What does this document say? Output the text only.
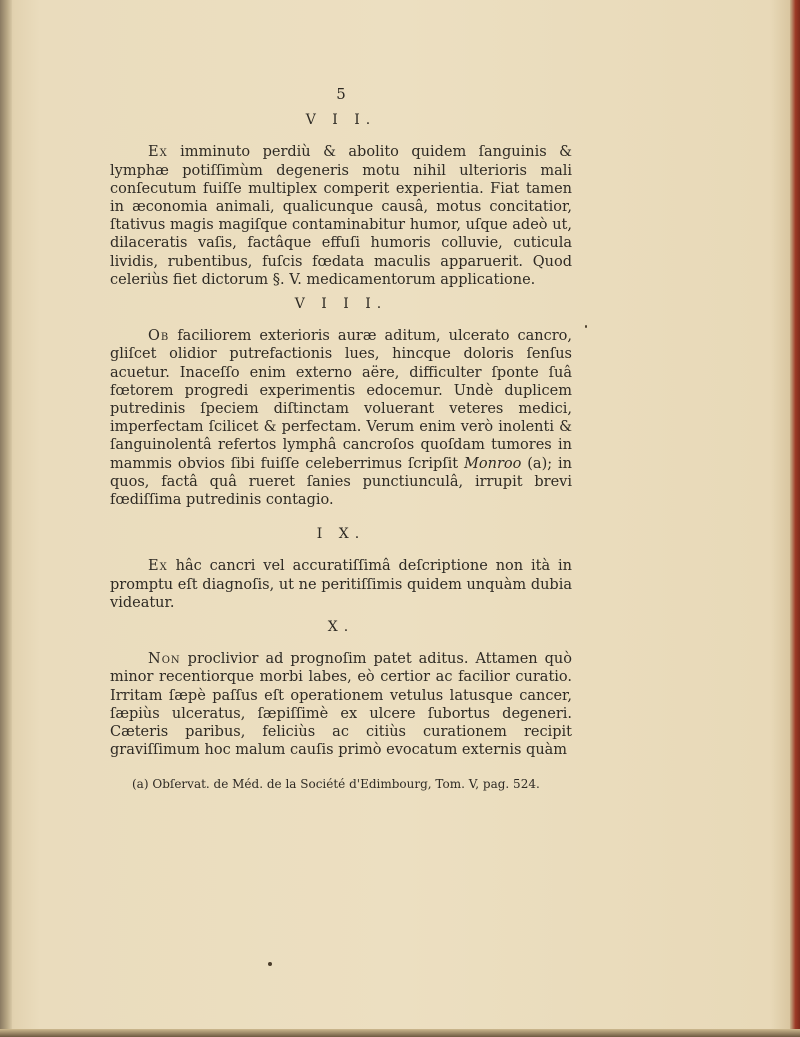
5
V I I.

Ex imminuto perdiù & abolito quidem ſanguinis & lymphæ potiſſimùm degeneris motu nihil ulterioris mali conſecutum fuiſſe multiplex comperit experientia. Fiat tamen in æconomia animali, qualicunque causâ, motus concitatior, ſtativus magis magiſque contaminabitur humor, uſque adeò ut, dilaceratis vaſis, factâque effuſi humoris colluvie, cuticula lividis, rubentibus, fuſcis fœdata maculis apparuerit. Quod celeriùs fiet dictorum §. V. medicamentorum applicatione.

V I I I.

Ob faciliorem exterioris auræ aditum, ulcerato cancro, gliſcet olidior putrefactionis lues, hincque doloris ſenſus acuetur. Inaceſſo enim externo aëre, difficulter ſponte ſuâ fœtorem progredi experimentis edocemur. Undè duplicem putredinis ſpeciem diſtinctam voluerant veteres medici, imperfectam ſcilicet & perfectam. Verum enim verò inolenti & ſanguinolentâ refertos lymphâ cancroſos quoſdam tumores in mammis obvios ſibi fuiſſe celeberrimus ſcripſit Monroo (a); in quos, factâ quâ rueret ſanies punctiunculâ, irrupit brevi fœdiſſima putredinis contagio.

I X.

Ex hâc cancri vel accuratiſſimâ deſcriptione non ità in promptu eſt diagnoſis, ut ne peritiſſimis quidem unquàm dubia videatur.

X.

Non proclivior ad prognoſim patet aditus. Attamen quò minor recentiorque morbi labes, eò certior ac facilior curatio. Irritam ſæpè paſſus eſt operationem vetulus latusque cancer, ſæpiùs ulceratus, ſæpiſſimè ex ulcere ſubortus degeneri. Cæteris paribus, feliciùs ac citiùs curationem recipit graviſſimum hoc malum cauſis primò evocatum externis quàm

(a) Obſervat. de Méd. de la Société d'Edimbourg, Tom. V, pag. 524.
